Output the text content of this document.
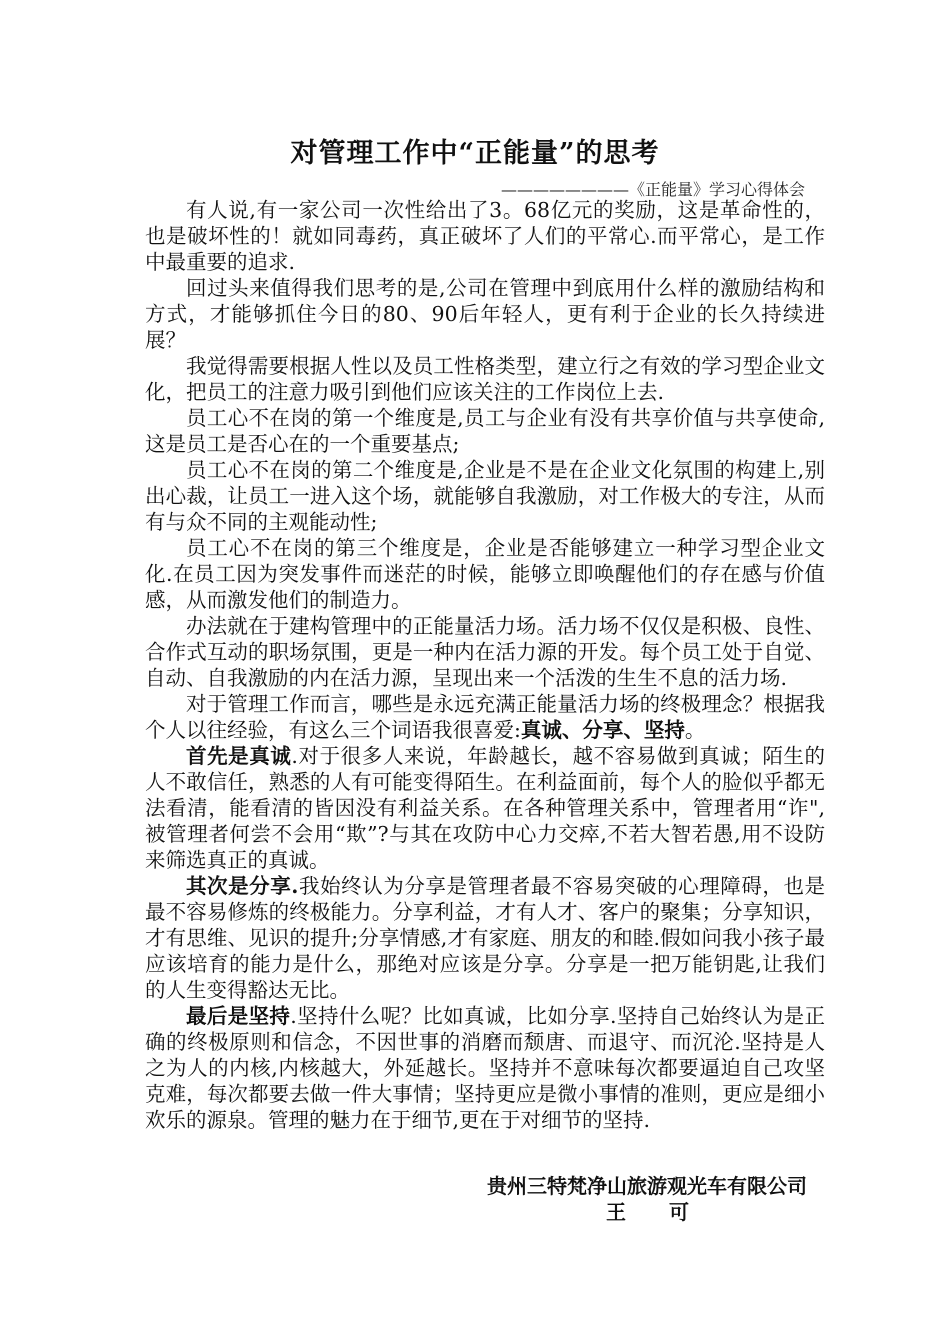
对管理工作中“正能量”的思考
————————《正能量》学习心得体会

有人说,有一家公司一次性给出了3。68亿元的奖励，这是革命性的，也是破坏性的！就如同毒药，真正破坏了人们的平常心.而平常心，是工作中最重要的追求.

回过头来值得我们思考的是,公司在管理中到底用什么样的激励结构和方式，才能够抓住今日的80、90后年轻人，更有利于企业的长久持续进展？

我觉得需要根据人性以及员工性格类型，建立行之有效的学习型企业文化，把员工的注意力吸引到他们应该关注的工作岗位上去.

员工心不在岗的第一个维度是,员工与企业有没有共享价值与共享使命,这是员工是否心在的一个重要基点;

员工心不在岗的第二个维度是,企业是不是在企业文化氛围的构建上,别出心裁，让员工一进入这个场，就能够自我激励，对工作极大的专注，从而有与众不同的主观能动性;

员工心不在岗的第三个维度是，企业是否能够建立一种学习型企业文化.在员工因为突发事件而迷茫的时候，能够立即唤醒他们的存在感与价值感，从而激发他们的制造力。

办法就在于建构管理中的正能量活力场。活力场不仅仅是积极、良性、合作式互动的职场氛围，更是一种内在活力源的开发。每个员工处于自觉、自动、自我激励的内在活力源，呈现出来一个活泼的生生不息的活力场.

对于管理工作而言，哪些是永远充满正能量活力场的终极理念？根据我个人以往经验，有这么三个词语我很喜爱:真诚、分享、坚持。

首先是真诚.对于很多人来说，年龄越长，越不容易做到真诚；陌生的人不敢信任，熟悉的人有可能变得陌生。在利益面前，每个人的脸似乎都无法看清，能看清的皆因没有利益关系。在各种管理关系中，管理者用“诈",被管理者何尝不会用“欺”?与其在攻防中心力交瘁,不若大智若愚,用不设防来筛选真正的真诚。

其次是分享.我始终认为分享是管理者最不容易突破的心理障碍，也是最不容易修炼的终极能力。分享利益，才有人才、客户的聚集；分享知识，才有思维、见识的提升;分享情感,才有家庭、朋友的和睦.假如问我小孩子最应该培育的能力是什么，那绝对应该是分享。分享是一把万能钥匙,让我们的人生变得豁达无比。

最后是坚持.坚持什么呢？比如真诚，比如分享.坚持自己始终认为是正确的终极原则和信念，不因世事的消磨而颓唐、而退守、而沉沦.坚持是人之为人的内核,内核越大，外延越长。坚持并不意味每次都要逼迫自己攻坚克难，每次都要去做一件大事情；坚持更应是微小事情的准则，更应是细小欢乐的源泉。管理的魅力在于细节,更在于对细节的坚持.

贵州三特梵净山旅游观光车有限公司
王 可
